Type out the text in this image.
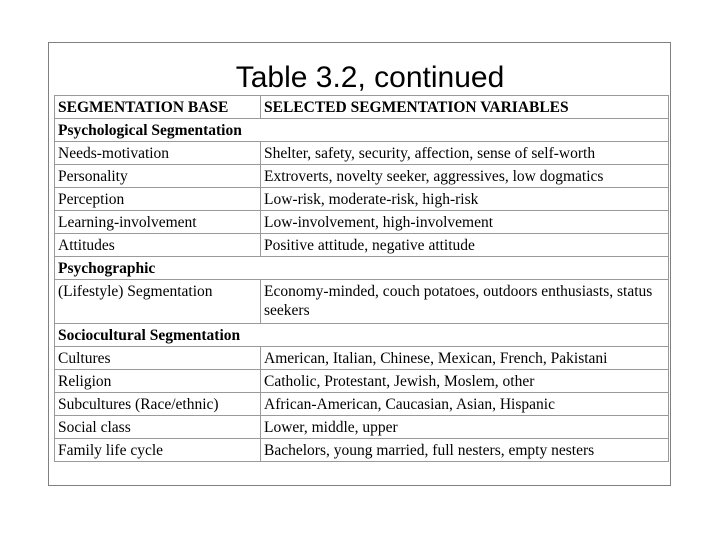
Table 3.2, continued
SEGMENTATION BASE	SELECTED SEGMENTATION VARIABLES

Psychological Segmentation	

Needs-motivation	Shelter, safety, security, affection, sense of self-worth

Personality	Extroverts, novelty seeker, aggressives, low dogmatics

Perception	Low-risk, moderate-risk, high-risk

Learning-involvement	Low-involvement, high-involvement

Attitudes	Positive attitude, negative attitude

Psychographic	

(Lifestyle) Segmentation	Economy-minded, couch potatoes, outdoors enthusiasts, status seekers

Sociocultural Segmentation	

Cultures	American, Italian, Chinese, Mexican, French, Pakistani

Religion	Catholic, Protestant, Jewish, Moslem, other

Subcultures (Race/ethnic)	African-American, Caucasian, Asian, Hispanic

Social class	Lower, middle, upper

Family life cycle	Bachelors, young married, full nesters, empty nesters
